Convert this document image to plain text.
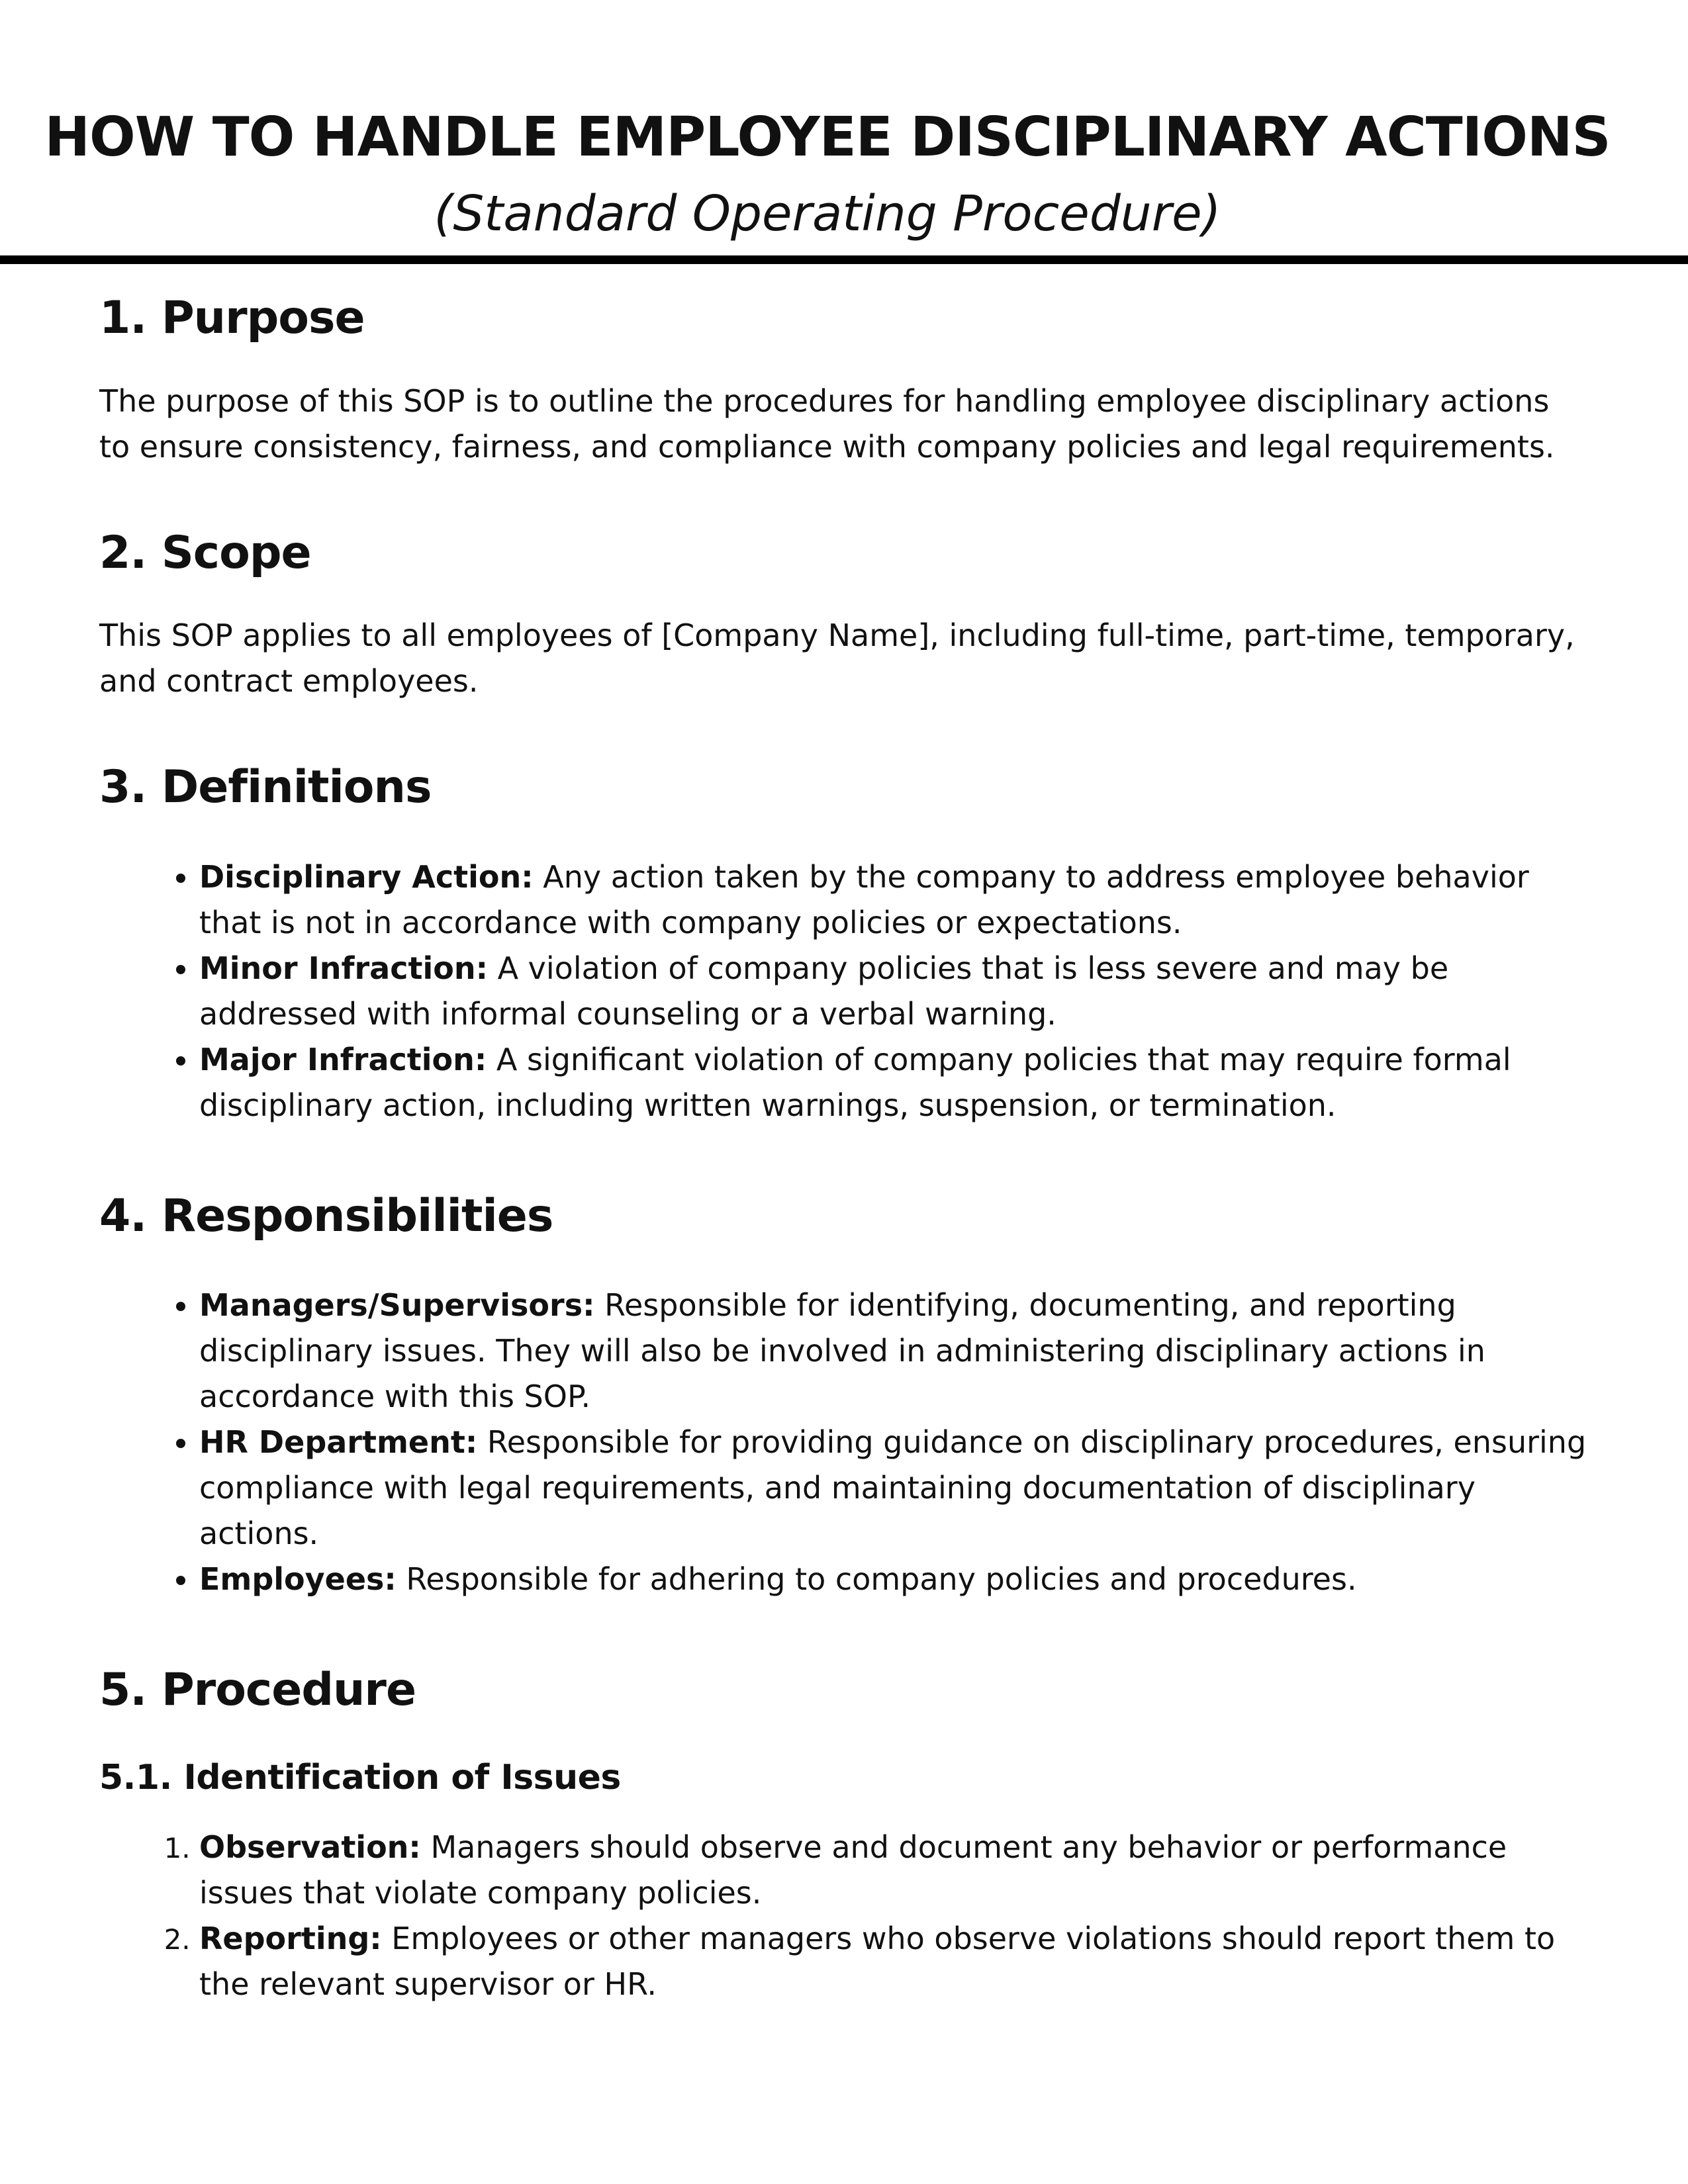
HOW TO HANDLE EMPLOYEE DISCIPLINARY ACTIONS
(Standard Operating Procedure)
1. Purpose

The purpose of this SOP is to outline the procedures for handling employee disciplinary actions to ensure consistency, fairness, and compliance with company policies and legal requirements.

2. Scope

This SOP applies to all employees of [Company Name], including full-time, part-time, temporary, and contract employees.

3. Definitions
• Disciplinary Action: Any action taken by the company to address employee behavior that is not in accordance with company policies or expectations.
• Minor Infraction: A violation of company policies that is less severe and may be addressed with informal counseling or a verbal warning.
• Major Infraction: A significant violation of company policies that may require formal disciplinary action, including written warnings, suspension, or termination.
4. Responsibilities
• Managers/Supervisors: Responsible for identifying, documenting, and reporting disciplinary issues. They will also be involved in administering disciplinary actions in accordance with this SOP.
• HR Department: Responsible for providing guidance on disciplinary procedures, ensuring compliance with legal requirements, and maintaining documentation of disciplinary actions.
• Employees: Responsible for adhering to company policies and procedures.
5. Procedure
5.1. Identification of Issues
1. Observation: Managers should observe and document any behavior or performance issues that violate company policies.
2. Reporting: Employees or other managers who observe violations should report them to the relevant supervisor or HR.
